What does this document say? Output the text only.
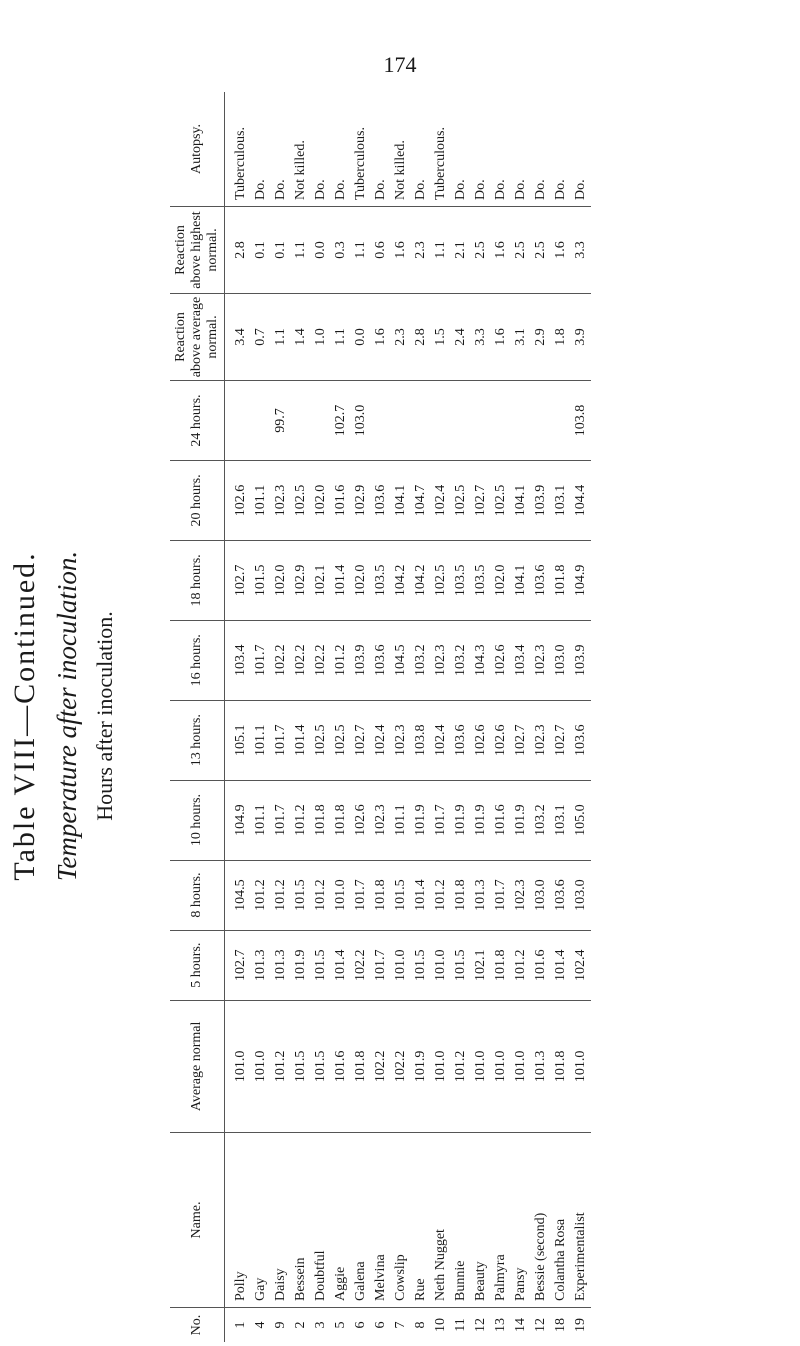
174
Table VIII—Continued. Temperature after inoculation. Hours after inoculation.
No.	Name.	Average normal	5 hours.	8 hours.	10 hours.	13 hours.	16 hours.	18 hours.	20 hours.	24 hours.	Reaction above average normal.	Reaction above highest normal.	Autopsy.
1	Polly	101.0	102.7	104.5	104.9	105.1	103.4	102.7	102.6		3.4	2.8	Tuberculous.
4	Gay	101.0	101.3	101.2	101.1	101.1	101.7	101.5	101.1		0.7	0.1	Do.
9	Daisy	101.2	101.3	101.2	101.7	101.7	102.2	102.0	102.3	99.7	1.1	0.1	Do.
2	Bessein	101.5	101.9	101.5	101.2	101.4	102.2	102.9	102.5		1.4	1.1	Not killed.
3	Doubtful	101.5	101.5	101.2	101.8	102.5	102.2	102.1	102.0		1.0	0.0	Do.
5	Aggie	101.6	101.4	101.0	101.8	102.5	101.2	101.4	101.6	102.7	1.1	0.3	Do.
6	Galena	101.8	102.2	101.7	102.6	102.7	103.9	102.0	102.9	103.0	0.0	1.1	Tuberculous.
6	Melvina	102.2	101.7	101.8	102.3	102.4	103.6	103.5	103.6		1.6	0.6	Do.
7	Cowslip	102.2	101.0	101.5	101.1	102.3	104.5	104.2	104.1		2.3	1.6	Not killed.
8	Rue	101.9	101.5	101.4	101.9	103.8	103.2	104.2	104.7		2.8	2.3	Do.
10	Neth Nugget	101.0	101.0	101.2	101.7	102.4	102.3	102.5	102.4		1.5	1.1	Tuberculous.
11	Bunnie	101.2	101.5	101.8	101.9	103.6	103.2	103.5	102.5		2.4	2.1	Do.
12	Beauty	101.0	102.1	101.3	101.9	102.6	104.3	103.5	102.7		3.3	2.5	Do.
13	Palmyra	101.0	101.8	101.7	101.6	102.6	102.6	102.0	102.5		1.6	1.6	Do.
14	Pansy	101.0	101.2	102.3	101.9	102.7	103.4	104.1	104.1		3.1	2.5	Do.
12	Bessie (second)	101.3	101.6	103.0	103.2	102.3	102.3	103.6	103.9		2.9	2.5	Do.
18	Colantha Rosa	101.8	101.4	103.6	103.1	102.7	103.0	101.8	103.1		1.8	1.6	Do.
19	Experimentalist	101.0	102.4	103.0	105.0	103.6	103.9	104.9	104.4	103.8	3.9	3.3	Do.
